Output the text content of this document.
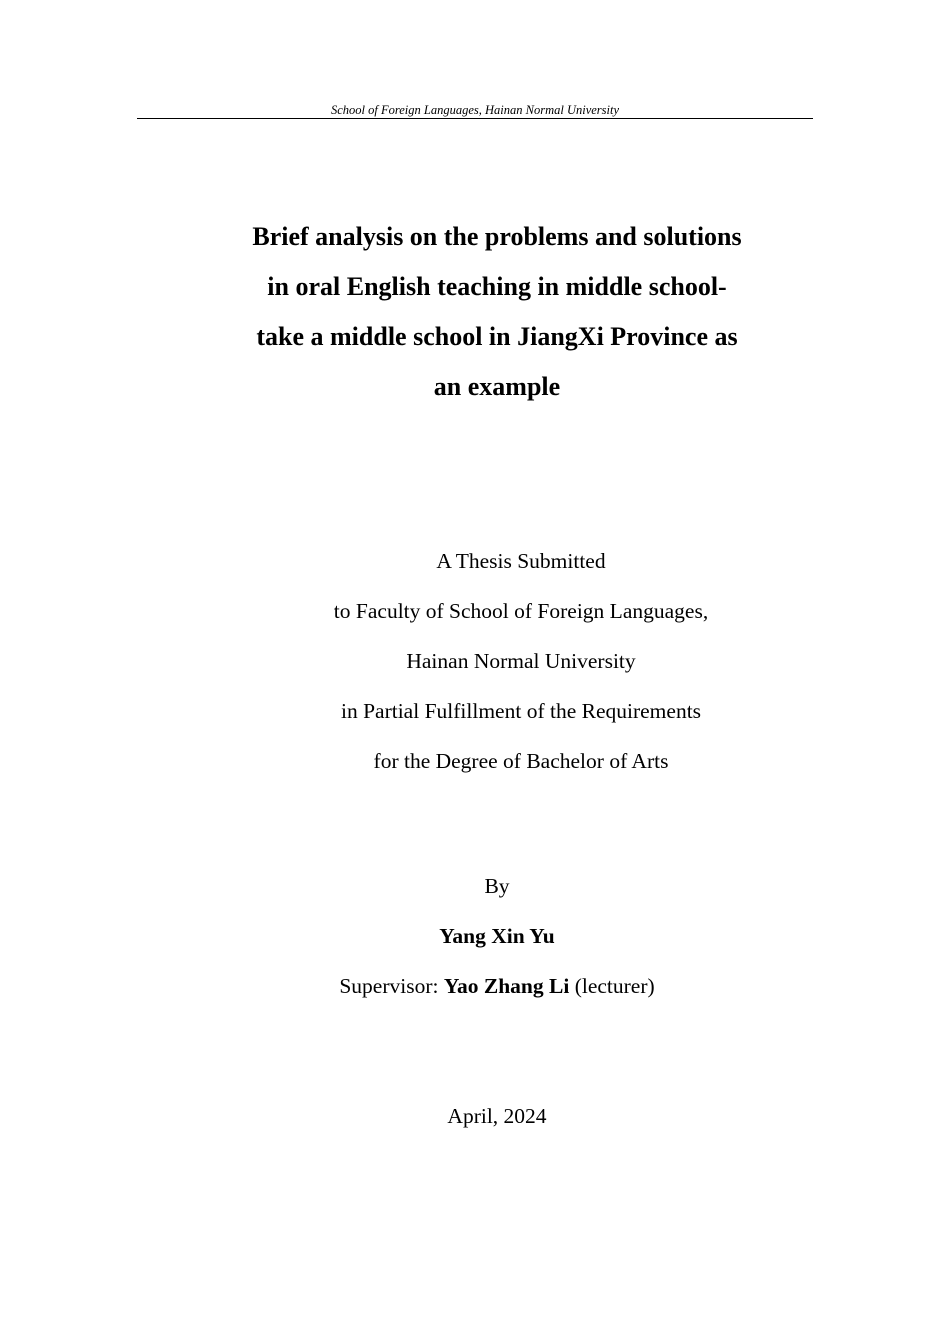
School of Foreign Languages, Hainan Normal University
Brief analysis on the problems and solutions
in oral English teaching in middle school-
take a middle school in JiangXi Province as
an example
A Thesis Submitted
to Faculty of School of Foreign Languages,
Hainan Normal University
in Partial Fulfillment of the Requirements
for the Degree of Bachelor of Arts
By
Yang Xin Yu
Supervisor: Yao Zhang Li (lecturer)
April, 2024
